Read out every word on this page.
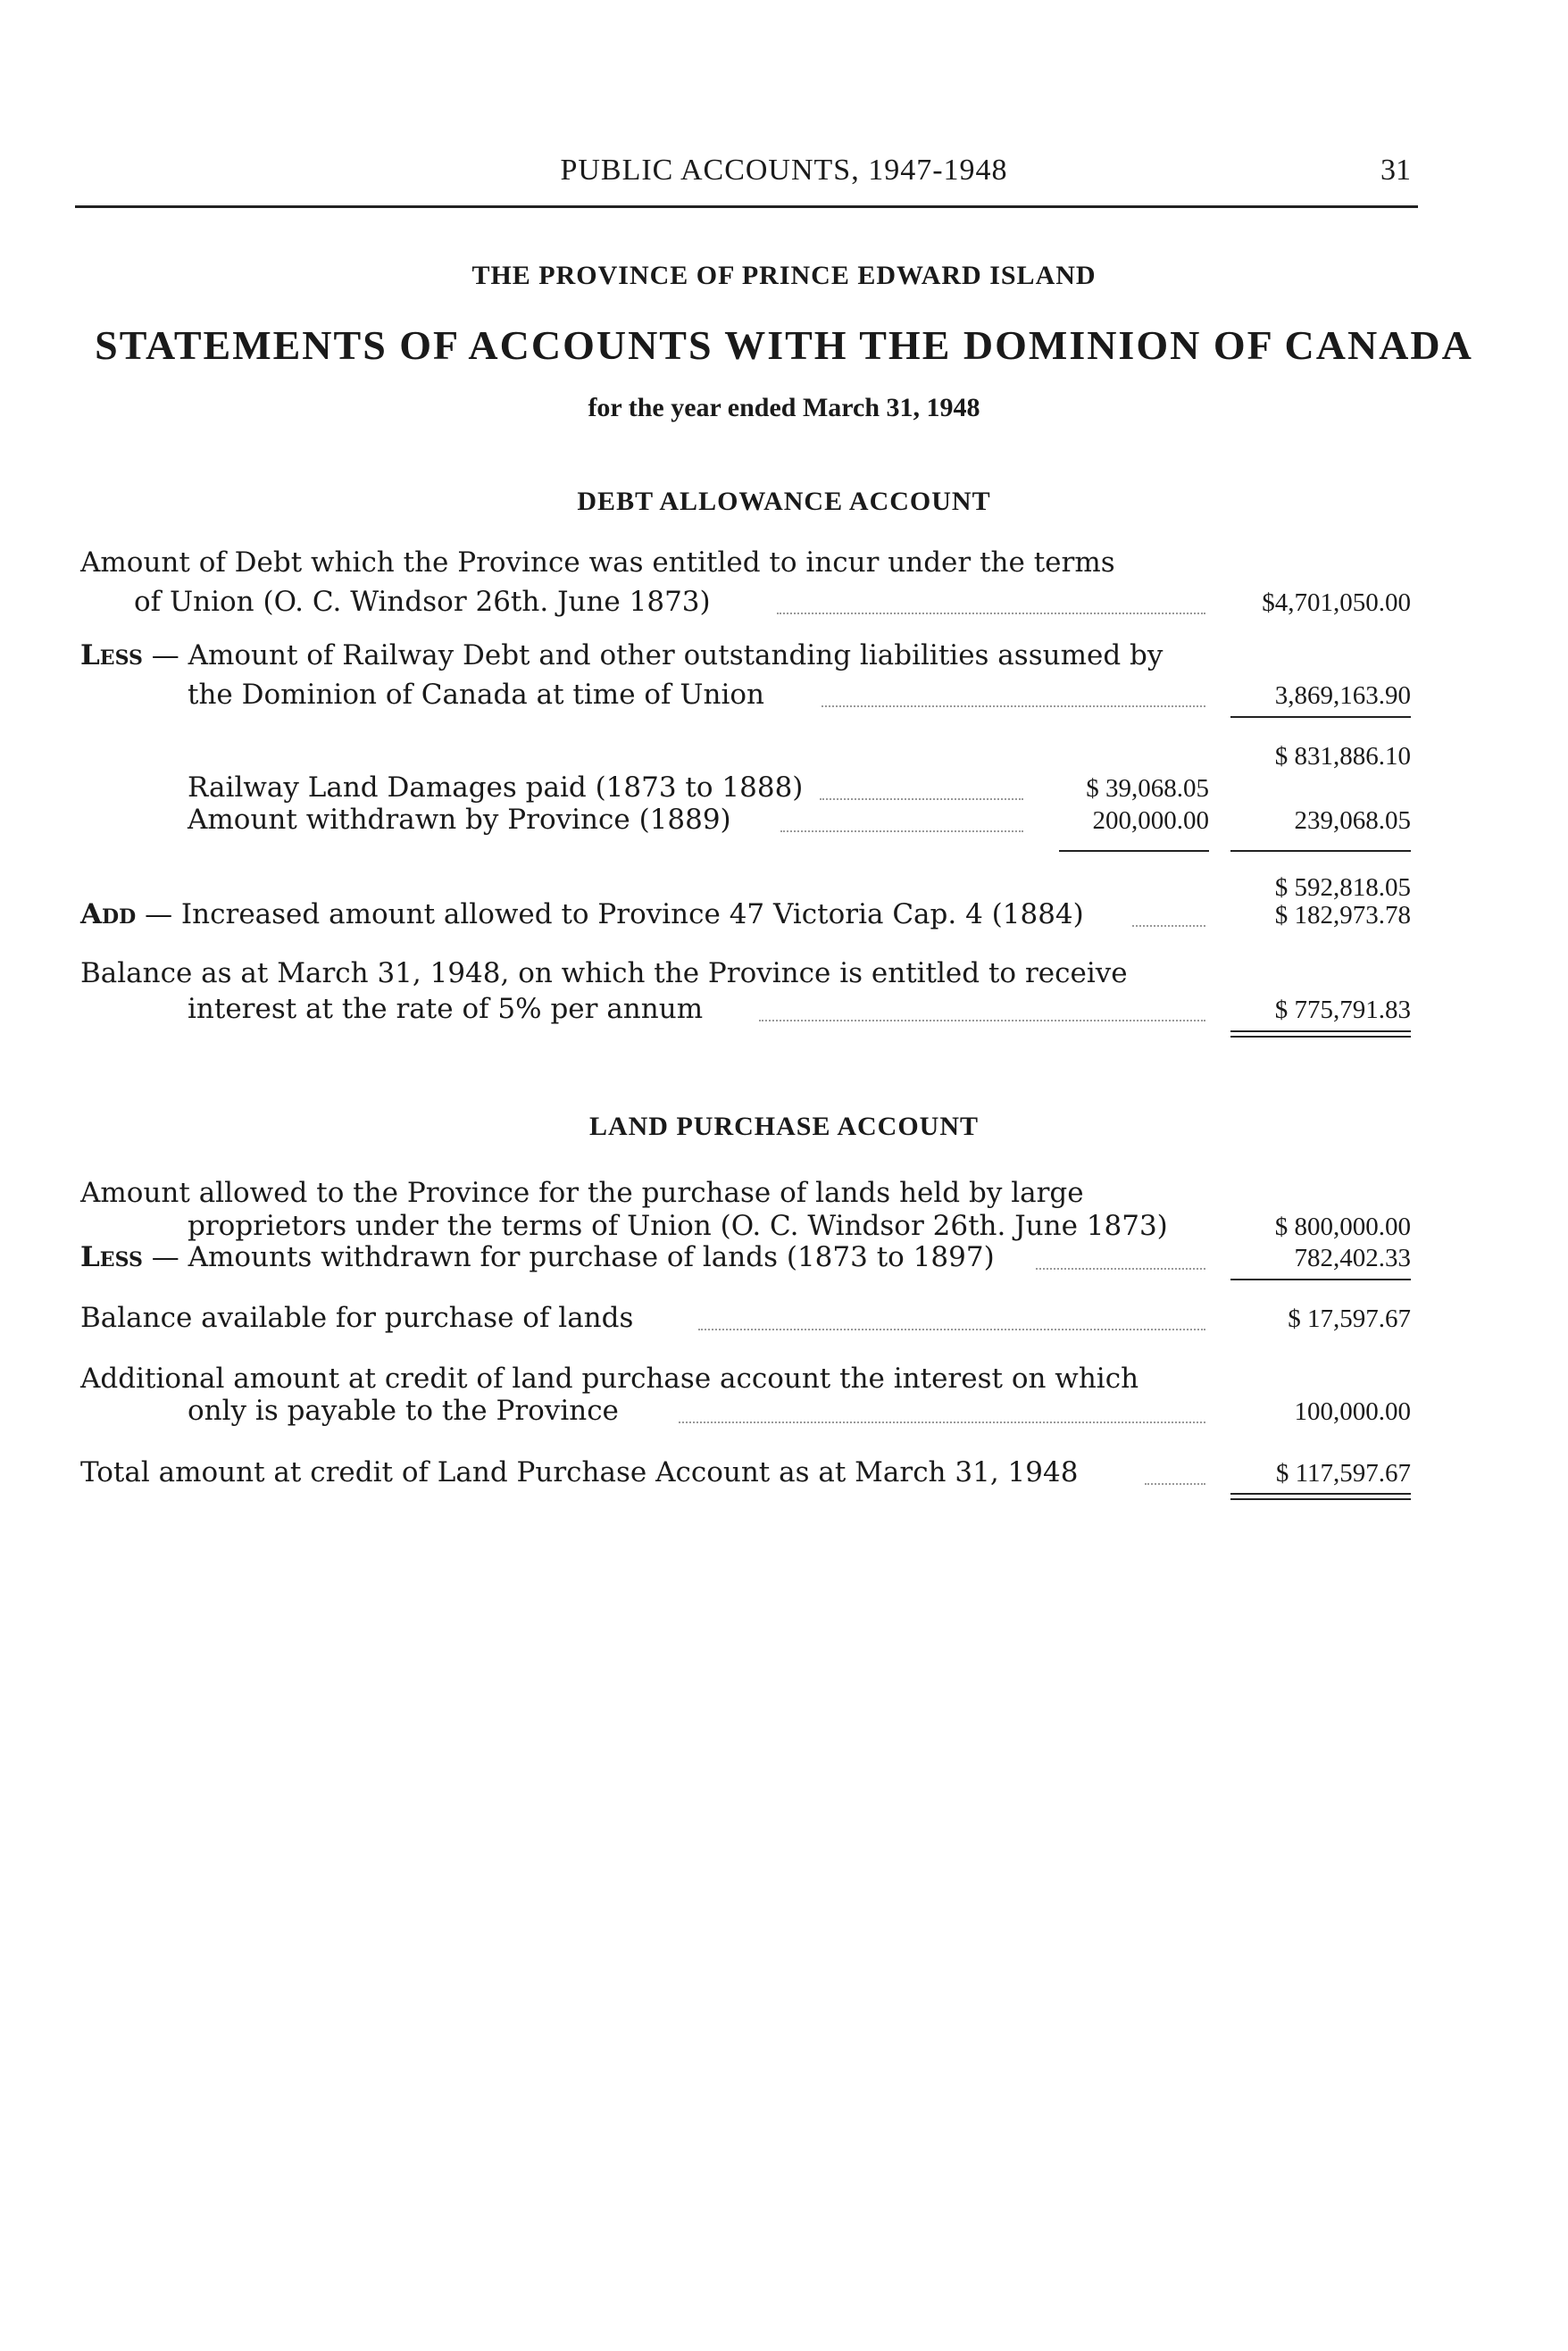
PUBLIC ACCOUNTS, 1947-1948	31
THE PROVINCE OF PRINCE EDWARD ISLAND
STATEMENTS OF ACCOUNTS WITH THE DOMINION OF CANADA
for the year ended March 31, 1948
DEBT ALLOWANCE ACCOUNT
Amount of Debt which the Province was entitled to incur under the terms
of Union (O. C. Windsor 26th. June 1873)	$4,701,050.00
Less — Amount of Railway Debt and other outstanding liabilities assumed by
the Dominion of Canada at time of Union	3,869,163.90
$ 831,886.10
Railway Land Damages paid (1873 to 1888)	$ 39,068.05
Amount withdrawn by Province (1889)	200,000.00	239,068.05
$ 592,818.05
Add — Increased amount allowed to Province 47 Victoria Cap. 4 (1884)	$ 182,973.78
Balance as at March 31, 1948, on which the Province is entitled to receive
interest at the rate of 5% per annum	$ 775,791.83
LAND PURCHASE ACCOUNT
Amount allowed to the Province for the purchase of lands held by large
proprietors under the terms of Union (O. C. Windsor 26th. June 1873)	$ 800,000.00
Less — Amounts withdrawn for purchase of lands (1873 to 1897)	782,402.33
Balance available for purchase of lands	$ 17,597.67
Additional amount at credit of land purchase account the interest on which
only is payable to the Province	100,000.00
Total amount at credit of Land Purchase Account as at March 31, 1948	$ 117,597.67
